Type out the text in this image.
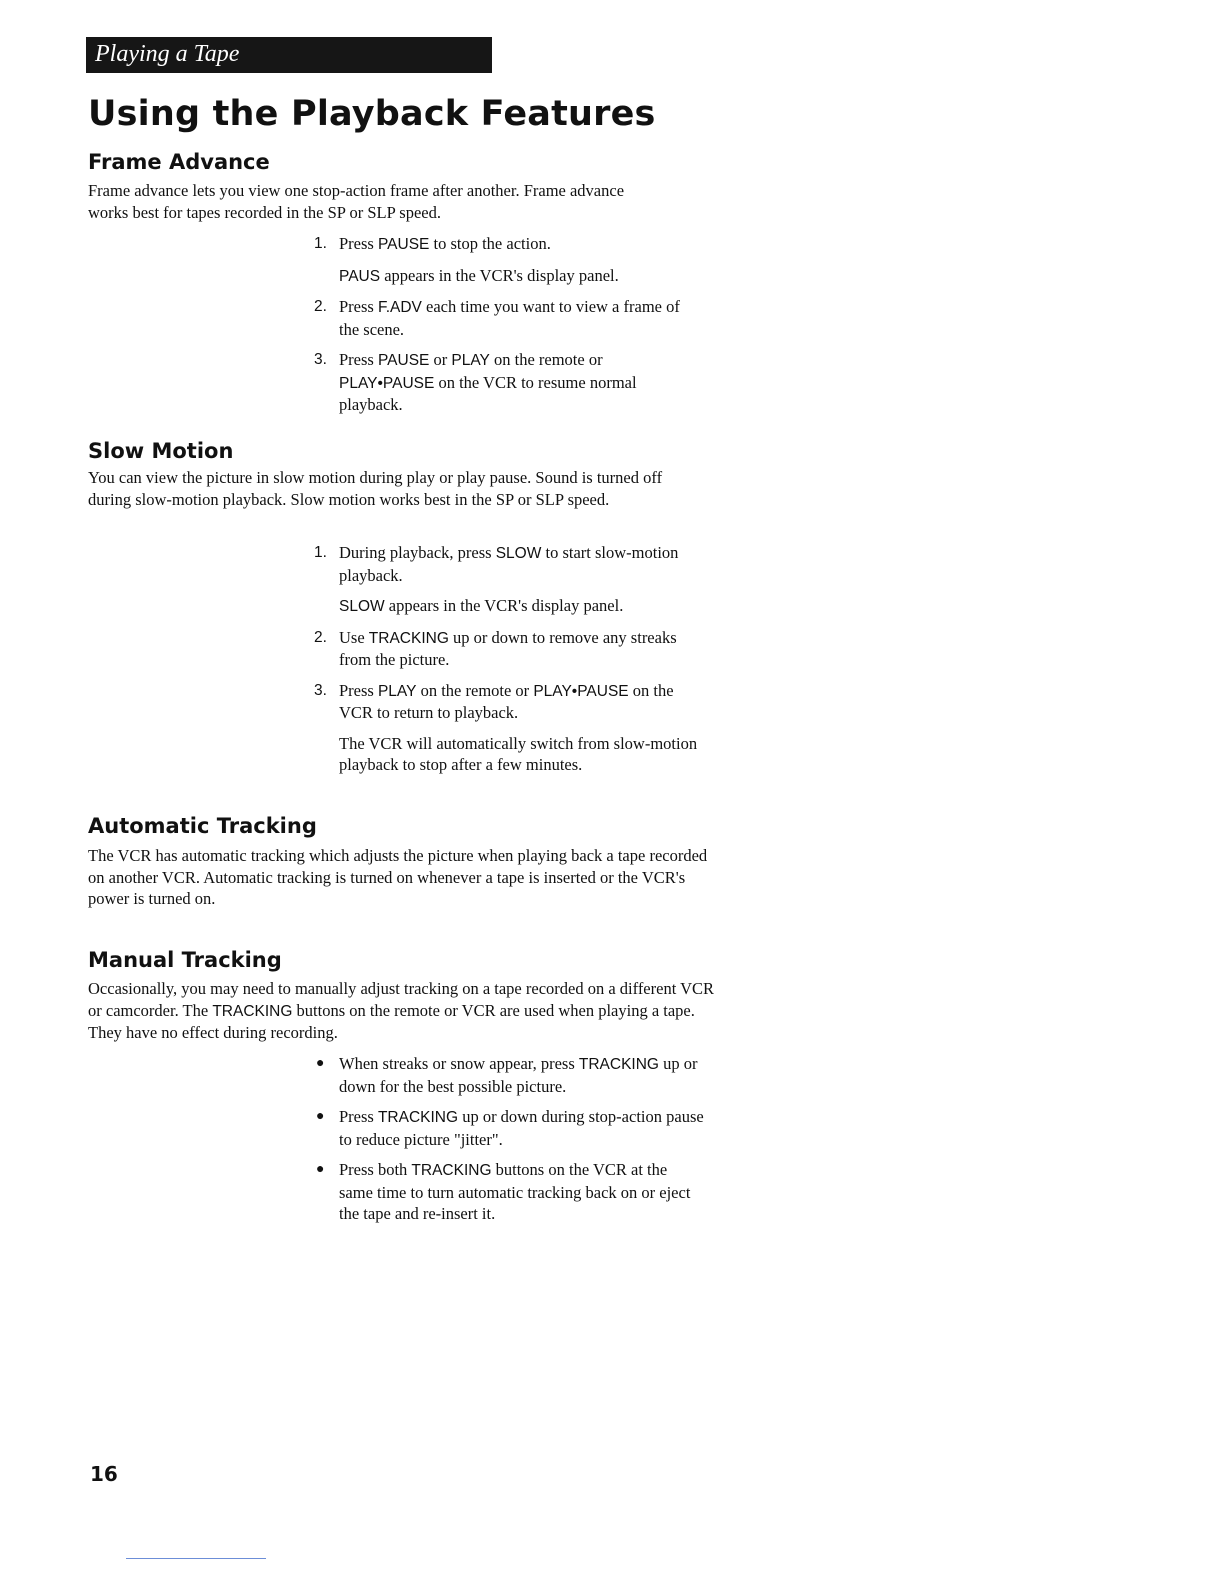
Playing a Tape
Using the Playback Features
Frame Advance

Frame advance lets you view one stop-action frame after another. Frame advance works best for tapes recorded in the SP or SLP speed.

1. Press PAUSE to stop the action.
PAUS appears in the VCR's display panel.
2. Press F.ADV each time you want to view a frame of the scene.
3. Press PAUSE or PLAY on the remote or PLAY•PAUSE on the VCR to resume normal playback.
Slow Motion

You can view the picture in slow motion during play or play pause. Sound is turned off during slow-motion playback. Slow motion works best in the SP or SLP speed.

1. During playback, press SLOW to start slow-motion playback.
SLOW appears in the VCR's display panel.
2. Use TRACKING up or down to remove any streaks from the picture.
3. Press PLAY on the remote or PLAY•PAUSE on the VCR to return to playback.
The VCR will automatically switch from slow-motion playback to stop after a few minutes.
Automatic Tracking

The VCR has automatic tracking which adjusts the picture when playing back a tape recorded on another VCR. Automatic tracking is turned on whenever a tape is inserted or the VCR's power is turned on.

Manual Tracking

Occasionally, you may need to manually adjust tracking on a tape recorded on a different VCR or camcorder. The TRACKING buttons on the remote or VCR are used when playing a tape. They have no effect during recording.

● When streaks or snow appear, press TRACKING up or down for the best possible picture.
● Press TRACKING up or down during stop-action pause to reduce picture "jitter".
● Press both TRACKING buttons on the VCR at the same time to turn automatic tracking back on or eject the tape and re-insert it.
16
